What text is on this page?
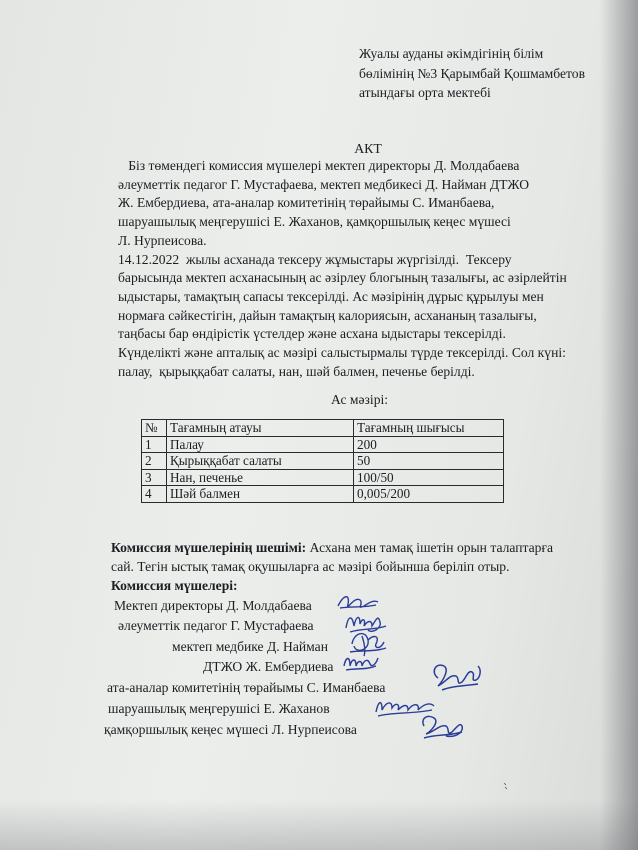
Жуалы ауданы әкімдігінің білім
бөлімінің №3 Қарымбай Қошмамбетов
атындағы орта мектебі
АКТ
Біз төмендегі комиссия мүшелері мектеп директоры Д. Молдабаева
әлеуметтік педагог Г. Мустафаева, мектеп медбикесі Д. Найман ДТЖО
Ж. Ембердиева, ата-аналар комитетінің төрайымы С. Иманбаева,
шаруашылық меңгерушісі Е. Жаханов, қамқоршылық кеңес мүшесі
Л. Нурпеисова.
14.12.2022  жылы асханада тексеру жұмыстары жүргізілді.  Тексеру
барысында мектеп асханасының ас әзірлеу блогының тазалығы, ас әзірлейтін
ыдыстары, тамақтың сапасы тексерілді. Ас мәзірінің дұрыс құрылуы мен
нормаға сәйкестігін, дайын тамақтың калориясын, асхананың тазалығы,
таңбасы бар өндірістік үстелдер және асхана ыдыстары тексерілді.
Күнделікті және апталық ас мәзірі салыстырмалы түрде тексерілді. Сол күні:
палау,  қырыққабат салаты, нан, шәй балмен, печенье берілді.
Ас мәзірі:
№	Тағамның атауы	Тағамның шығысы
1	Палау	200
2	Қырыққабат салаты	50
3	Нан, печенье	100/50
4	Шәй балмен	0,005/200
Комиссия мүшелерінің шешімі: Асхана мен тамақ ішетін орын талаптарға
сай. Тегін ыстық тамақ оқушыларға ас мәзірі бойынша беріліп отыр.
Комиссия мүшелері:
Мектеп директоры Д. Молдабаева
әлеуметтік педагог Г. Мустафаева
мектеп медбике Д. Найман
ДТЖО Ж. Ембердиева
ата-аналар комитетінің төрайымы С. Иманбаева
шаруашылық меңгерушісі Е. Жаханов
қамқоршылық кеңес мүшесі Л. Нурпеисова
